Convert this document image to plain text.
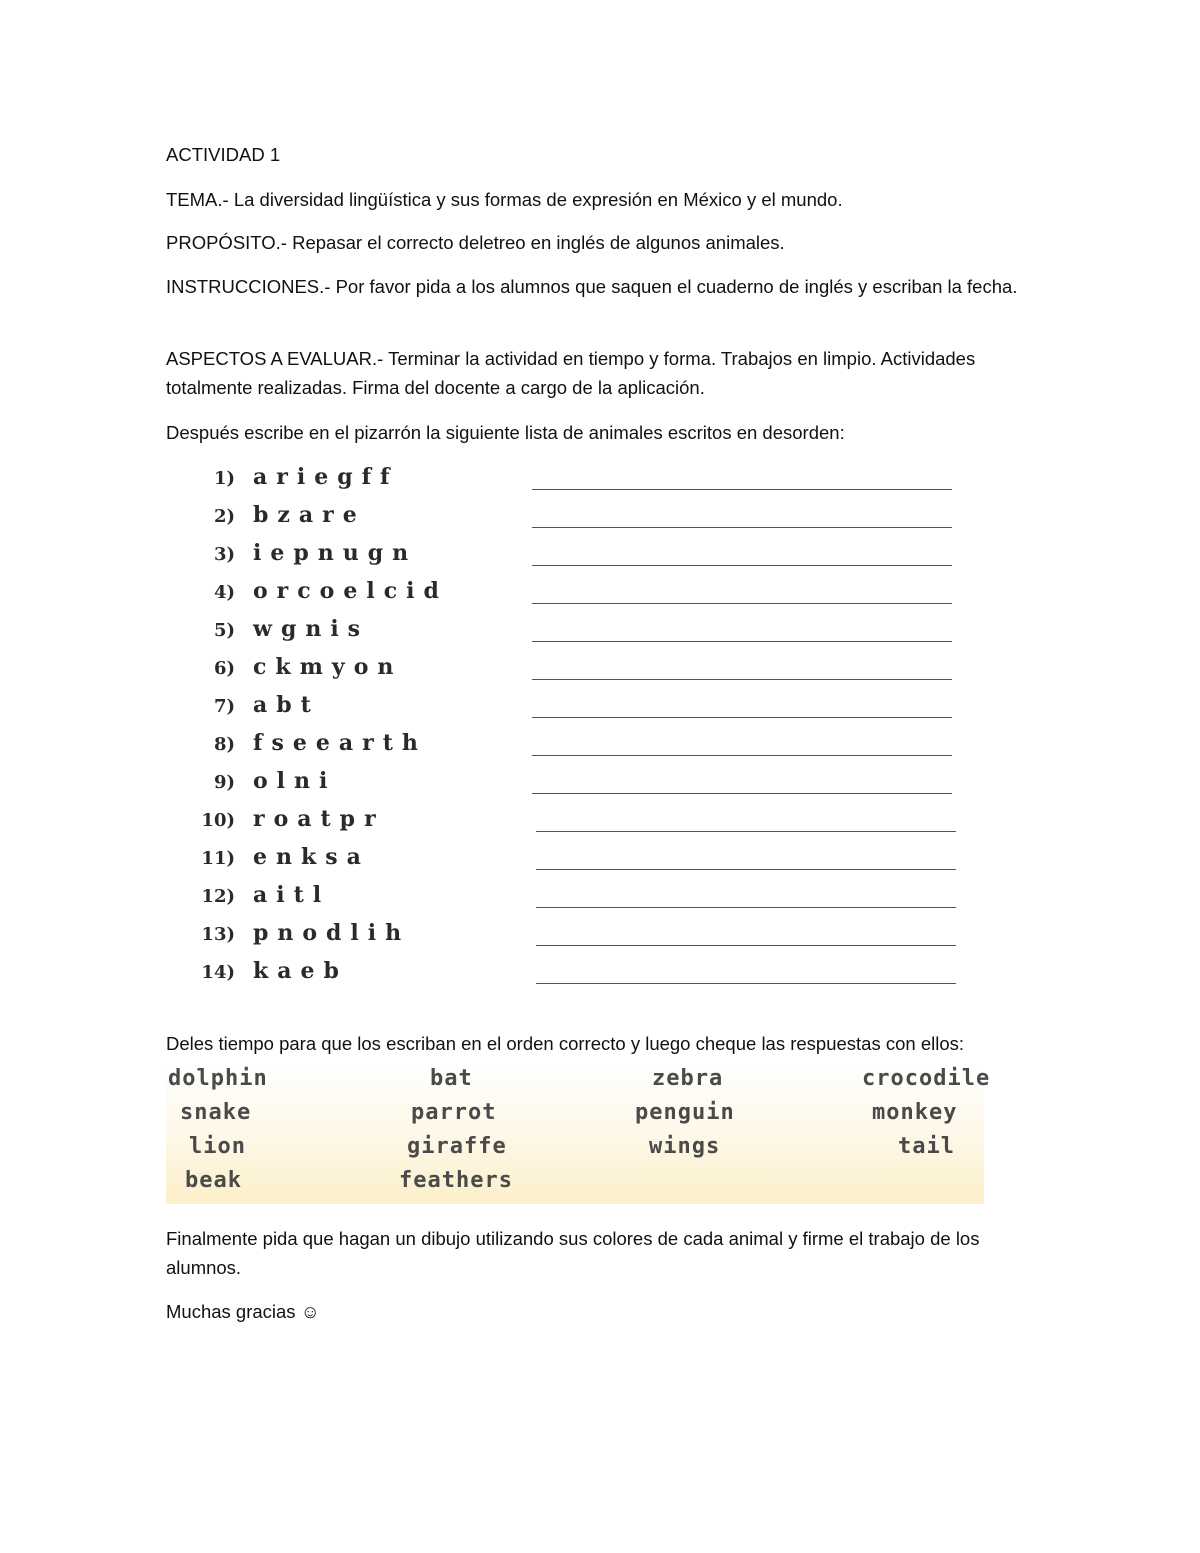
ACTIVIDAD 1

TEMA.- La diversidad lingüística y sus formas de expresión en México y el mundo.

PROPÓSITO.- Repasar el correcto deletreo en inglés de algunos animales.

INSTRUCCIONES.- Por favor pida a los alumnos que saquen el cuaderno de inglés y escriban la fecha.

ASPECTOS A EVALUAR.- Terminar la actividad en tiempo y forma. Trabajos en limpio. Actividades totalmente realizadas. Firma del docente a cargo de la aplicación.

Después escribe en el pizarrón la siguiente lista de animales escritos en desorden:

1) ariegff
2) bzare
3) iepnugn
4) orcoelcid
5) wgnis
6) ckmyon
7) abt
8) fseearth
9) olni
10) roatpr
11) enksa
12) aitl
13) pnodlih
14) kaeb

Deles tiempo para que los escriban en el orden correcto y luego cheque las respuestas con ellos:

dolphin	bat	zebra	crocodile
snake	parrot	penguin	monkey
lion	giraffe	wings	tail
beak	feathers

Finalmente pida que hagan un dibujo utilizando sus colores de cada animal y firme el trabajo de los alumnos.

Muchas gracias ☺
